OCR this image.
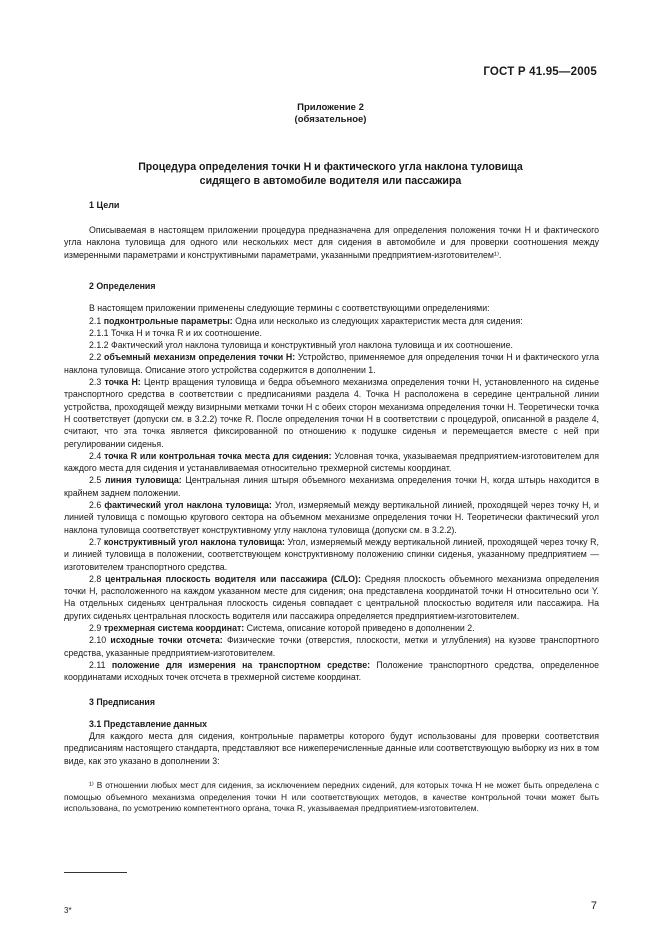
ГОСТ Р 41.95—2005
Приложение 2
(обязательное)
Процедура определения точки H и фактического угла наклона туловища
сидящего в автомобиле водителя или пассажира
1 Цели

Описываемая в настоящем приложении процедура предназначена для определения положения точки H и фактического угла наклона туловища для одного или нескольких мест для сидения в автомобиле и для проверки соотношения между измеренными параметрами и конструктивными параметрами, указанными предприятием-изготовителем¹⁾.

2 Определения

В настоящем приложении применены следующие термины с соответствующими определениями:

2.1 подконтрольные параметры: Одна или несколько из следующих характеристик места для сидения:

2.1.1 Точка H и точка R и их соотношение.

2.1.2 Фактический угол наклона туловища и конструктивный угол наклона туловища и их соотношение.

2.2 объемный механизм определения точки H: Устройство, применяемое для определения точки H и фактического угла наклона туловища. Описание этого устройства содержится в дополнении 1.

2.3 точка H: Центр вращения туловища и бедра объемного механизма определения точки H, установленного на сиденье транспортного средства в соответствии с предписаниями раздела 4. Точка H расположена в середине центральной линии устройства, проходящей между визирными метками точки H с обеих сторон механизма определения точки H. Теоретически точка H соответствует (допуски см. в 3.2.2) точке R. После определения точки H в соответствии с процедурой, описанной в разделе 4, считают, что эта точка является фиксированной по отношению к подушке сиденья и перемещается вместе с ней при регулировании сиденья.

2.4 точка R или контрольная точка места для сидения: Условная точка, указываемая предприятием-изготовителем для каждого места для сидения и устанавливаемая относительно трехмерной системы координат.

2.5 линия туловища: Центральная линия штыря объемного механизма определения точки H, когда штырь находится в крайнем заднем положении.

2.6 фактический угол наклона туловища: Угол, измеряемый между вертикальной линией, проходящей через точку H, и линией туловища с помощью кругового сектора на объемном механизме определения точки H. Теоретически фактический угол наклона туловища соответствует конструктивному углу наклона туловища (допуски см. в 3.2.2).

2.7 конструктивный угол наклона туловища: Угол, измеряемый между вертикальной линией, проходящей через точку R, и линией туловища в положении, соответствующем конструктивному положению спинки сиденья, указанному предприятием — изготовителем транспортного средства.

2.8 центральная плоскость водителя или пассажира (C/LO): Средняя плоскость объемного механизма определения точки H, расположенного на каждом указанном месте для сидения; она представлена координатой точки H относительно оси Y. На отдельных сиденьях центральная плоскость сиденья совпадает с центральной плоскостью водителя или пассажира. На других сиденьях центральная плоскость водителя или пассажира определяется предприятием-изготовителем.

2.9 трехмерная система координат: Система, описание которой приведено в дополнении 2.

2.10 исходные точки отсчета: Физические точки (отверстия, плоскости, метки и углубления) на кузове транспортного средства, указанные предприятием-изготовителем.

2.11 положение для измерения на транспортном средстве: Положение транспортного средства, определенное координатами исходных точек отсчета в трехмерной системе координат.

3 Предписания

3.1 Представление данных

Для каждого места для сидения, контрольные параметры которого будут использованы для проверки соответствия предписаниям настоящего стандарта, представляют все нижеперечисленные данные или соответствующую выборку из них в том виде, как это указано в дополнении 3:

¹⁾ В отношении любых мест для сидения, за исключением передних сидений, для которых точка H не может быть определена с помощью объемного механизма определения точки H или соответствующих методов, в качестве контрольной точки может быть использована, по усмотрению компетентного органа, точка R, указываемая предприятием-изготовителем.

3*	7
